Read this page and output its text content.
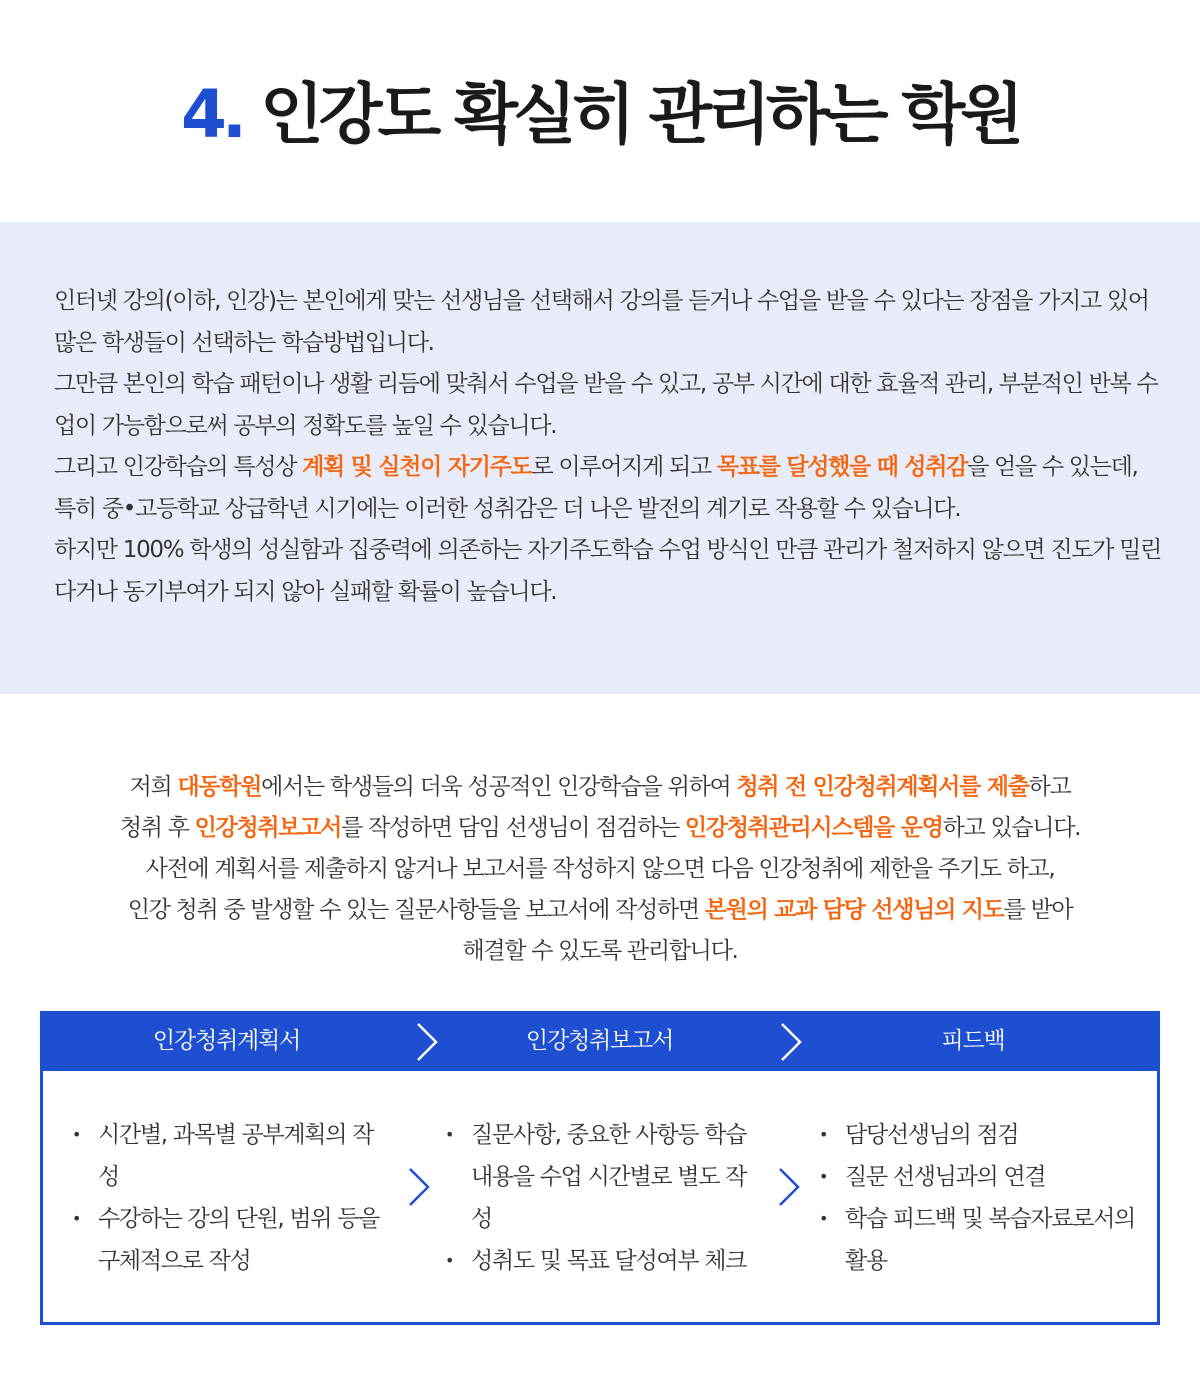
4. 인강도 확실히 관리하는 학원
인터넷 강의(이하, 인강)는 본인에게 맞는 선생님을 선택해서 강의를 듣거나 수업을 받을 수 있다는 장점을 가지고 있어 많은 학생들이 선택하는 학습방법입니다.
그만큼 본인의 학습 패턴이나 생활 리듬에 맞춰서 수업을 받을 수 있고, 공부 시간에 대한 효율적 관리, 부분적인 반복 수업이 가능함으로써 공부의 정확도를 높일 수 있습니다.
그리고 인강학습의 특성상 계획 및 실천이 자기주도로 이루어지게 되고 목표를 달성했을 때 성취감을 얻을 수 있는데, 특히 중•고등학교 상급학년 시기에는 이러한 성취감은 더 나은 발전의 계기로 작용할 수 있습니다.
하지만 100% 학생의 성실함과 집중력에 의존하는 자기주도학습 수업 방식인 만큼 관리가 철저하지 않으면 진도가 밀린다거나 동기부여가 되지 않아 실패할 확률이 높습니다.
저희 대동학원에서는 학생들의 더욱 성공적인 인강학습을 위하여 청취 전 인강청취계획서를 제출하고
청취 후 인강청취보고서를 작성하면 담임 선생님이 점검하는 인강청취관리시스템을 운영하고 있습니다.
사전에 계획서를 제출하지 않거나 보고서를 작성하지 않으면 다음 인강청취에 제한을 주기도 하고,
인강 청취 중 발생할 수 있는 질문사항들을 보고서에 작성하면 본원의 교과 담당 선생님의 지도를 받아
해결할 수 있도록 관리합니다.
인강청취계획서	인강청취보고서	피드백
• 시간별, 과목별 공부계획의 작성
• 수강하는 강의 단원, 범위 등을 구체적으로 작성
• 질문사항, 중요한 사항등 학습 내용을 수업 시간별로 별도 작성
• 성취도 및 목표 달성여부 체크
• 담당선생님의 점검
• 질문 선생님과의 연결
• 학습 피드백 및 복습자료로서의 활용
